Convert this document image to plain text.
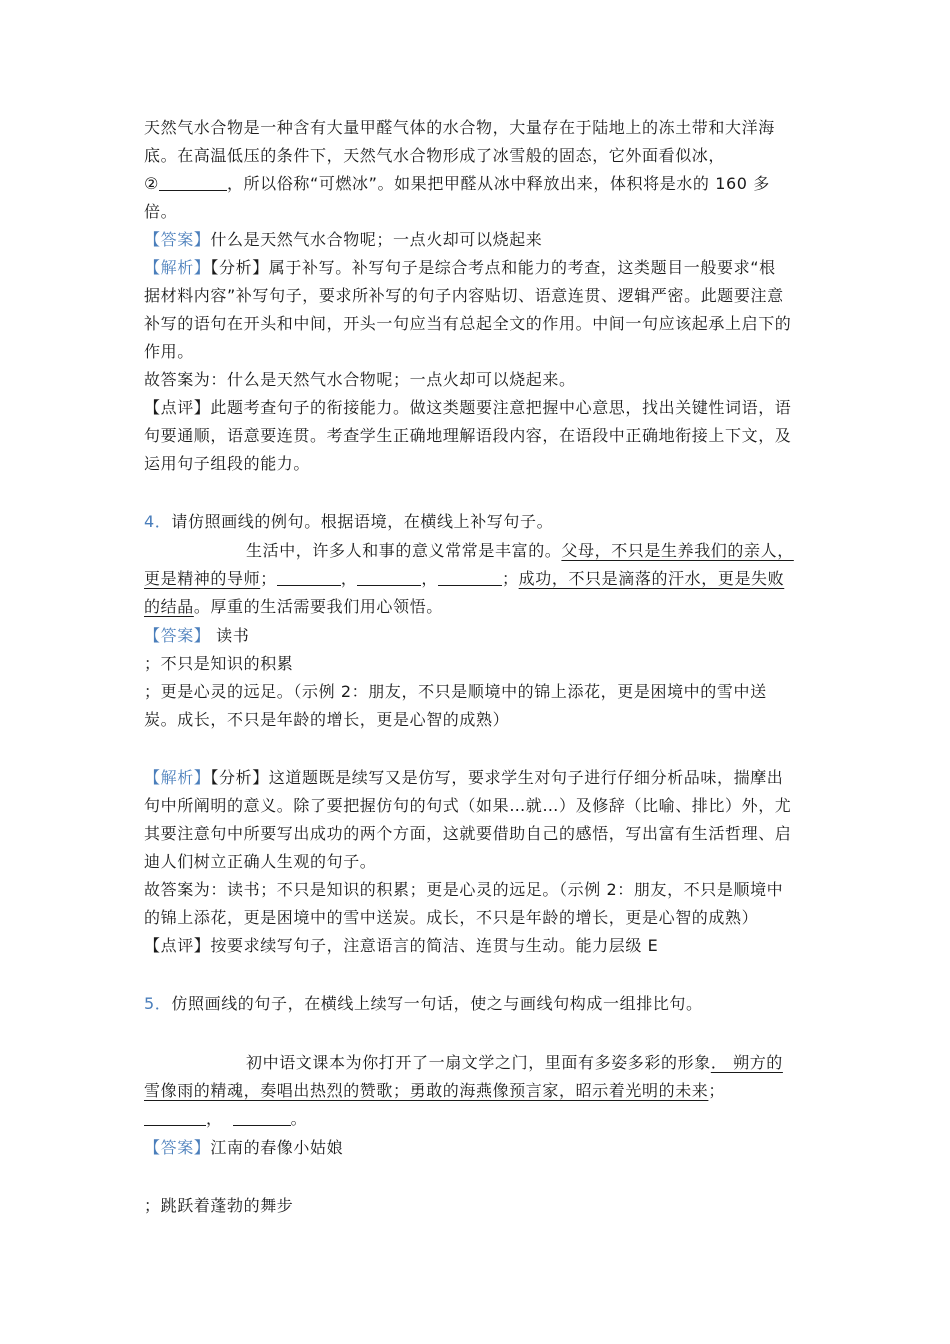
天然气水合物是一种含有大量甲醛气体的水合物，大量存在于陆地上的冻土带和大洋海
底。在高温低压的条件下，天然气水合物形成了冰雪般的固态，它外面看似冰，
②	，所以俗称“可燃冰”。如果把甲醛从冰中释放出来，体积将是水的 160 多
倍。
【答案】什么是天然气水合物呢；一点火却可以烧起来
【解析】【分析】属于补写。补写句子是综合考点和能力的考查，这类题目一般要求“根
据材料内容”补写句子，要求所补写的句子内容贴切、语意连贯、逻辑严密。此题要注意
补写的语句在开头和中间，开头一句应当有总起全文的作用。中间一句应该起承上启下的
作用。
故答案为：什么是天然气水合物呢；一点火却可以烧起来。
【点评】此题考查句子的衔接能力。做这类题要注意把握中心意思，找出关键性词语，语
句要通顺，语意要连贯。考查学生正确地理解语段内容，在语段中正确地衔接上下文，及
运用句子组段的能力。
4．请仿照画线的例句。根据语境，在横线上补写句子。
生活中，许多人和事的意义常常是丰富的。父母，不只是生养我们的亲人，
更是精神的导师；	，	，	；成功，不只是滴落的汗水，更是失败
的结晶。厚重的生活需要我们用心领悟。
【答案】 读书
；不只是知识的积累
；更是心灵的远足。（示例 2：朋友，不只是顺境中的锦上添花，更是困境中的雪中送
炭。成长，不只是年龄的增长，更是心智的成熟）
【解析】【分析】这道题既是续写又是仿写，要求学生对句子进行仔细分析品味，揣摩出
句中所阐明的意义。除了要把握仿句的句式（如果…就…）及修辞（比喻、排比）外，尤
其要注意句中所要写出成功的两个方面，这就要借助自己的感悟，写出富有生活哲理、启
迪人们树立正确人生观的句子。
故答案为：读书；不只是知识的积累；更是心灵的远足。（示例 2：朋友，不只是顺境中
的锦上添花，更是困境中的雪中送炭。成长，不只是年龄的增长，更是心智的成熟）
【点评】按要求续写句子，注意语言的简洁、连贯与生动。能力层级 E
5．仿照画线的句子，在横线上续写一句话，使之与画线句构成一组排比句。
初中语文课本为你打开了一扇文学之门，里面有多姿多彩的形象． 朔方的
雪像雨的精魂，奏唱出热烈的赞歌；勇敢的海燕像预言家，昭示着光明的未来；
，	。
【答案】江南的春像小姑娘
；跳跃着蓬勃的舞步
